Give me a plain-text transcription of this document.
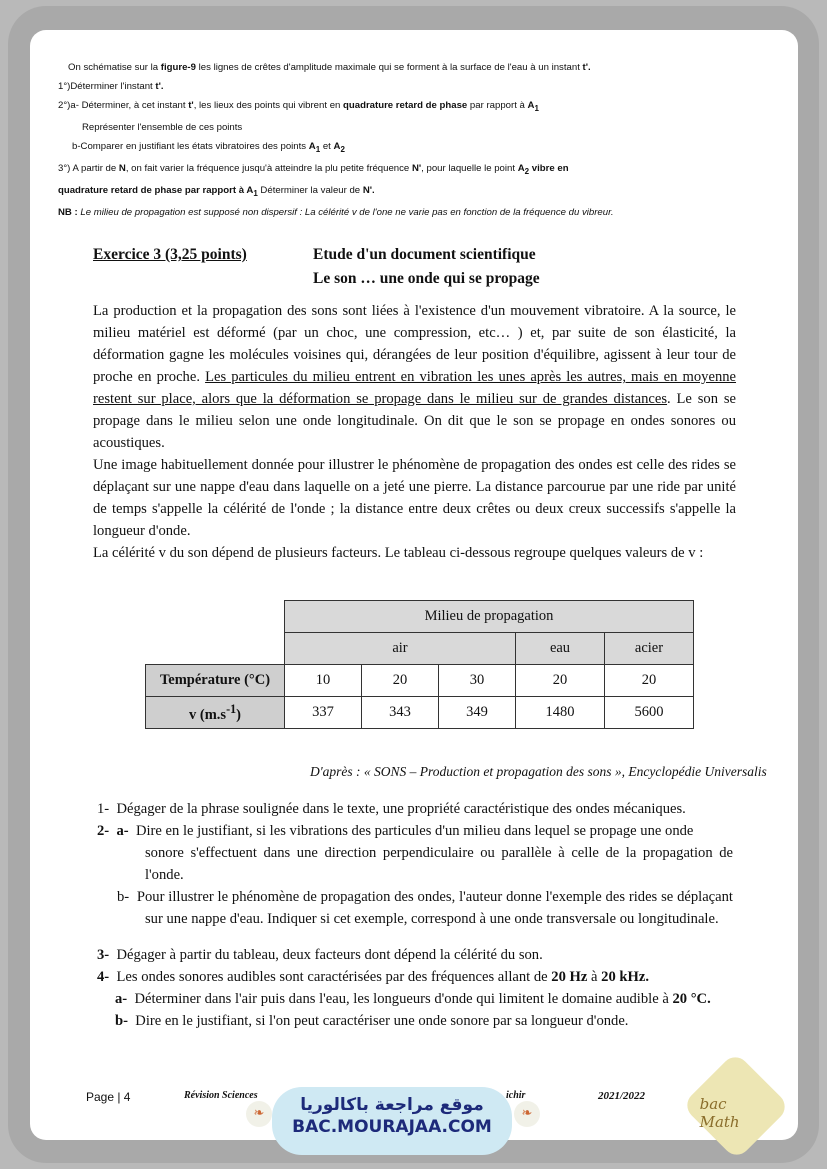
On schématise sur la figure-9 les lignes de crêtes d'amplitude maximale qui se forment à la surface de l'eau à un instant t'.

1°)Déterminer l'instant t'.

2°)a- Déterminer, à cet instant t', les lieux des points qui vibrent en quadrature retard de phase par rapport à $A_1$

Représenter l'ensemble de ces points

b-Comparer en justifiant les états vibratoires des points $A_1$ et $A_2$

3°) A partir de N, on fait varier la fréquence jusqu'à atteindre la plu petite fréquence N', pour laquelle le point $A_2$ vibre en

quadrature retard de phase par rapport à $A_1$ Déterminer la valeur de N'.

NB : Le milieu de propagation est supposé non dispersif : La célérité v de l'one ne varie pas en fonction de la fréquence du vibreur.

Exercice 3 (3,25 points)	Etude d'un document scientifique
Le son … une onde qui se propage

La production et la propagation des sons sont liées à l'existence d'un mouvement vibratoire. A la source, le milieu matériel est déformé (par un choc, une compression, etc… ) et, par suite de son élasticité, la déformation gagne les molécules voisines qui, dérangées de leur position d'équilibre, agissent à leur tour de proche en proche. Les particules du milieu entrent en vibration les unes après les autres, mais en moyenne restent sur place, alors que la déformation se propage dans le milieu sur de grandes distances. Le son se propage dans le milieu selon une onde longitudinale. On dit que le son se propage en ondes sonores ou acoustiques.

Une image habituellement donnée pour illustrer le phénomène de propagation des ondes est celle des rides se déplaçant sur une nappe d'eau dans laquelle on a jeté une pierre. La distance parcourue par une ride par unité de temps s'appelle la célérité de l'onde ; la distance entre deux crêtes ou deux creux successifs s'appelle la longueur d'onde.

La célérité v du son dépend de plusieurs facteurs. Le tableau ci-dessous regroupe quelques valeurs de v :

	Milieu de propagation				
	air			eau	acier
Température (°C)	10	20	30	20	20
v $(m.s^{-1})$	337	343	349	1480	5600
D'après : « SONS – Production et propagation des sons », Encyclopédie Universalis

1- Dégager de la phrase soulignée dans le texte, une propriété caractéristique des ondes mécaniques.

2- a- Dire en le justifiant, si les vibrations des particules d'un milieu dans lequel se propage une onde

sonore s'effectuent dans une direction perpendiculaire ou parallèle à celle de la propagation de l'onde.

b- Pour illustrer le phénomène de propagation des ondes, l'auteur donne l'exemple des rides se déplaçant sur une nappe d'eau. Indiquer si cet exemple, correspond à une onde transversale ou longitudinale.

3- Dégager à partir du tableau, deux facteurs dont dépend la célérité du son.

4- Les ondes sonores audibles sont caractérisées par des fréquences allant de 20 Hz à 20 kHz.

a- Déterminer dans l'air puis dans l'eau, les longueurs d'onde qui limitent le domaine audible à 20 °C.

b- Dire en le justifiant, si l'on peut caractériser une onde sonore par sa longueur d'onde.

Page | 4	Révision Sciences	ichir	2021/2022
❧	موقع مراجعة باكالوريا
BAC.MOURAJAA.COM
❧
bac Math
